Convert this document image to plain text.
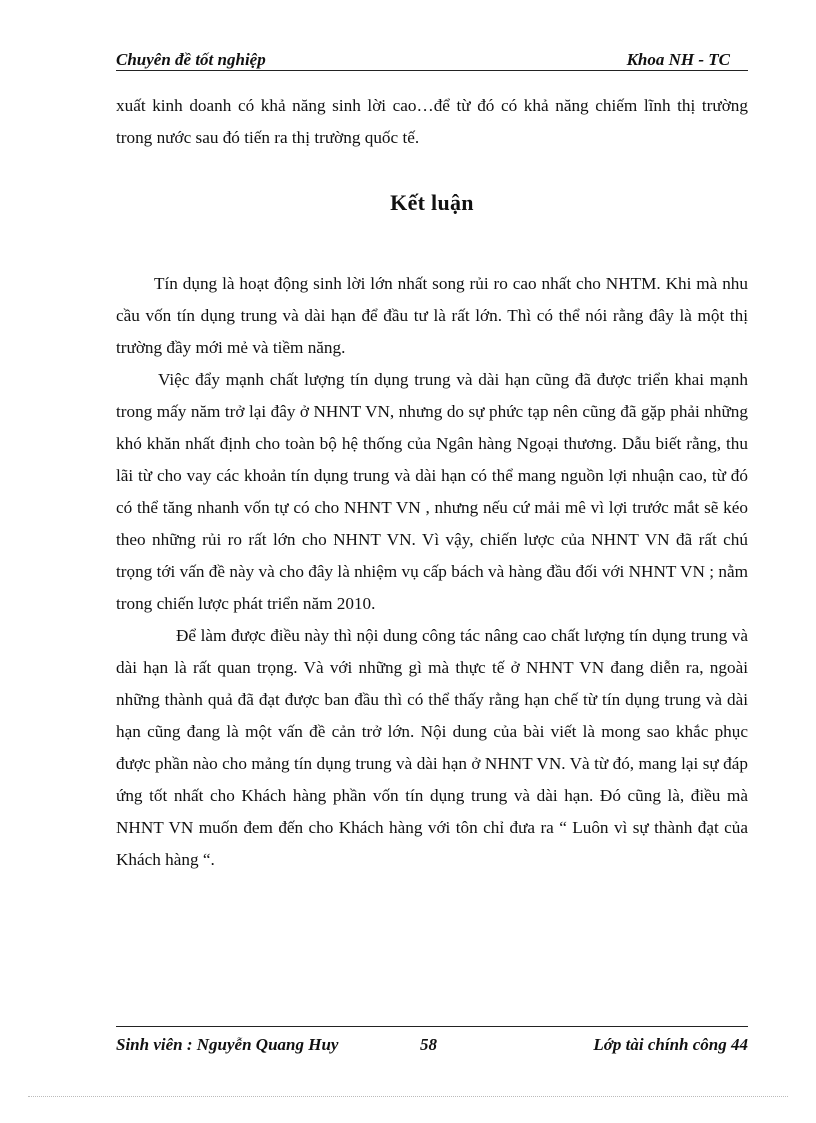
Chuyên đề tốt nghiệp	Khoa NH - TC

xuất kinh doanh có khả năng sinh lời cao…để từ đó có khả năng chiếm lĩnh thị trường trong nước sau đó tiến ra thị trường quốc tế.

Kết luận

Tín dụng là hoạt động sinh lời lớn nhất song rủi ro cao nhất cho NHTM. Khi mà nhu cầu vốn tín dụng trung và dài hạn để đầu tư là rất lớn. Thì có thể nói rằng đây là một thị trường đầy mới mẻ và tiềm năng.

Việc đẩy mạnh chất lượng tín dụng trung và dài hạn cũng đã được triển khai mạnh trong mấy năm trở lại đây ở NHNT VN, nhưng do sự phức tạp nên cũng đã gặp phải những khó khăn nhất định cho toàn bộ hệ thống của Ngân hàng Ngoại thương. Dẫu biết rằng, thu lãi từ cho vay các khoản tín dụng trung và dài hạn có thể mang nguồn lợi nhuận cao, từ đó có thể tăng nhanh vốn tự có cho NHNT VN , nhưng nếu cứ mải mê vì lợi trước mắt sẽ kéo theo những rủi ro rất lớn cho NHNT VN. Vì vậy, chiến lược của NHNT VN đã rất chú trọng tới vấn đề này và cho đây là nhiệm vụ cấp bách và hàng đầu đối với NHNT VN ; nằm trong chiến lược phát triển năm 2010.

Để làm được điều này thì nội dung công tác nâng cao chất lượng tín dụng trung và dài hạn là rất quan trọng. Và với những gì mà thực tế ở NHNT VN đang diễn ra, ngoài những thành quả đã đạt được ban đầu thì có thể thấy rằng hạn chế từ tín dụng trung và dài hạn cũng đang là một vấn đề cản trở lớn. Nội dung của bài viết là mong sao khắc phục được phần nào cho mảng tín dụng trung và dài hạn ở NHNT VN. Và từ đó, mang lại sự đáp ứng tốt nhất cho Khách hàng phần vốn tín dụng trung và dài hạn. Đó cũng là, điều mà NHNT VN muốn đem đến cho Khách hàng với tôn chỉ đưa ra “ Luôn vì sự thành đạt của Khách hàng “.

Sinh viên : Nguyễn Quang Huy	58	Lớp tài chính công 44
